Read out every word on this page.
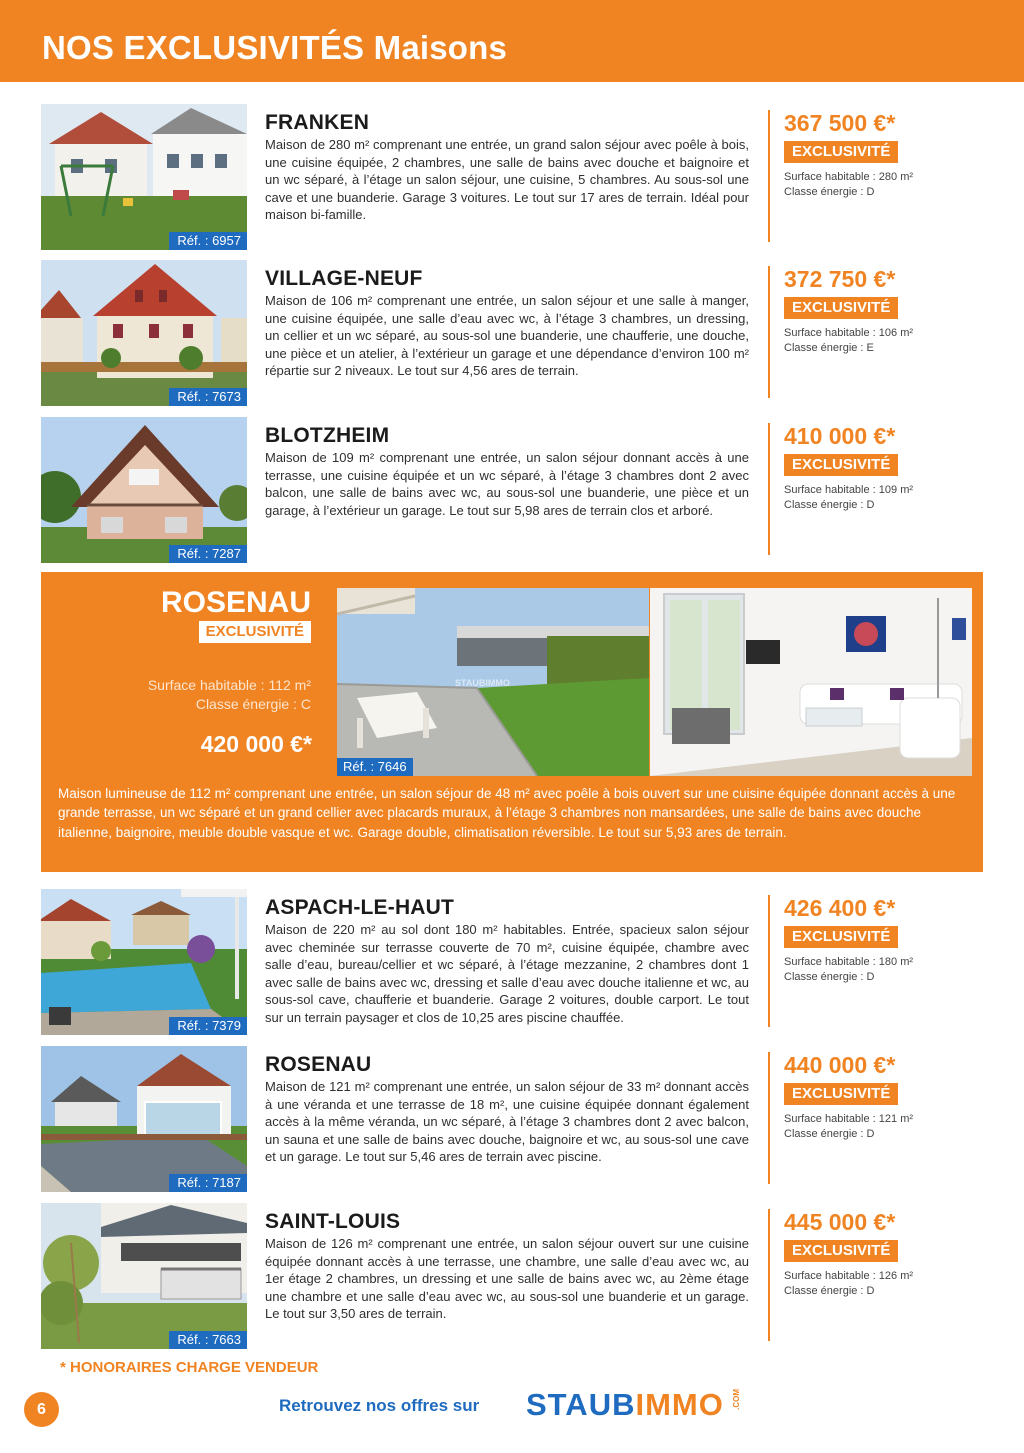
NOS EXCLUSIVITÉS Maisons
Réf. : 6957
FRANKEN
Maison de 280 m² comprenant une entrée, un grand salon séjour avec poêle à bois, une cuisine équipée, 2 chambres, une salle de bains avec douche et baignoire et un wc séparé, à l’étage un salon séjour, une cuisine, 5 chambres. Au sous-sol une cave et une buanderie. Garage 3 voitures. Le tout sur 17 ares de terrain. Idéal pour maison bi-famille.
367 500 €*
EXCLUSIVITÉ
Surface habitable : 280 m²
Classe énergie : D
Réf. : 7673
VILLAGE-NEUF
Maison de 106 m² comprenant une entrée, un salon séjour et une salle à manger, une cuisine équipée, une salle d’eau avec wc, à l’étage 3 chambres, un dressing, un cellier et un wc séparé, au sous-sol une buanderie, une chaufferie, une douche, une pièce et un atelier, à l’extérieur un garage et une dépendance d’environ 100 m² répartie sur 2 niveaux. Le tout sur 4,56 ares de terrain.
372 750 €*
EXCLUSIVITÉ
Surface habitable : 106 m²
Classe énergie : E
Réf. : 7287
BLOTZHEIM
Maison de 109 m² comprenant une entrée, un salon séjour donnant accès à une terrasse, une cuisine équipée et un wc séparé, à l’étage 3 chambres dont 2 avec balcon, une salle de bains avec wc, au sous-sol une buanderie, une pièce et un garage, à l’extérieur un garage. Le tout sur 5,98 ares de terrain clos et arboré.
410 000 €*
EXCLUSIVITÉ
Surface habitable : 109 m²
Classe énergie : D
ROSENAU
EXCLUSIVITÉ
Surface habitable : 112 m²
Classe énergie : C
420 000 €*
STAUBIMMO
Réf. : 7646
Maison lumineuse de 112 m² comprenant une entrée, un salon séjour de 48 m² avec poêle à bois ouvert sur une cuisine équipée donnant accès à une grande terrasse, un wc séparé et un grand cellier avec placards muraux, à l’étage 3 chambres non mansardées, une salle de bains avec douche italienne, baignoire, meuble double vasque et wc. Garage double, climatisation réversible. Le tout sur 5,93 ares de terrain.
Réf. : 7379
ASPACH-LE-HAUT
Maison de 220 m² au sol dont 180 m² habitables. Entrée, spacieux salon séjour avec cheminée sur terrasse couverte de 70 m², cuisine équipée, chambre avec salle d’eau, bureau/cellier et wc séparé, à l’étage mezzanine, 2 chambres dont 1 avec salle de bains avec wc, dressing et salle d’eau avec douche italienne et wc, au sous-sol cave, chaufferie et buanderie. Garage 2 voitures, double carport. Le tout sur un terrain paysager et clos de 10,25 ares piscine chauffée.
426 400 €*
EXCLUSIVITÉ
Surface habitable : 180 m²
Classe énergie : D
Réf. : 7187
ROSENAU
Maison de 121 m² comprenant une entrée, un salon séjour de 33 m² donnant accès à une véranda et une terrasse de 18 m², une cuisine équipée donnant également accès à la même véranda, un wc séparé, à l’étage 3 chambres dont 2 avec balcon, un sauna et une salle de bains avec douche, baignoire et wc, au sous-sol une cave et un garage. Le tout sur 5,46 ares de terrain avec piscine.
440 000 €*
EXCLUSIVITÉ
Surface habitable : 121 m²
Classe énergie : D
Réf. : 7663
SAINT-LOUIS
Maison de 126 m² comprenant une entrée, un salon séjour ouvert sur une cuisine équipée donnant accès à une terrasse, une chambre, une salle d’eau avec wc, au 1er étage 2 chambres, un dressing et une salle de bains avec wc, au 2ème étage une chambre et une salle d’eau avec wc, au sous-sol une buanderie et un garage. Le tout sur 3,50 ares de terrain.
445 000 €*
EXCLUSIVITÉ
Surface habitable : 126 m²
Classe énergie : D
* HONORAIRES CHARGE VENDEUR
6	Retrouvez nos offres sur STAUBIMMO .COM
